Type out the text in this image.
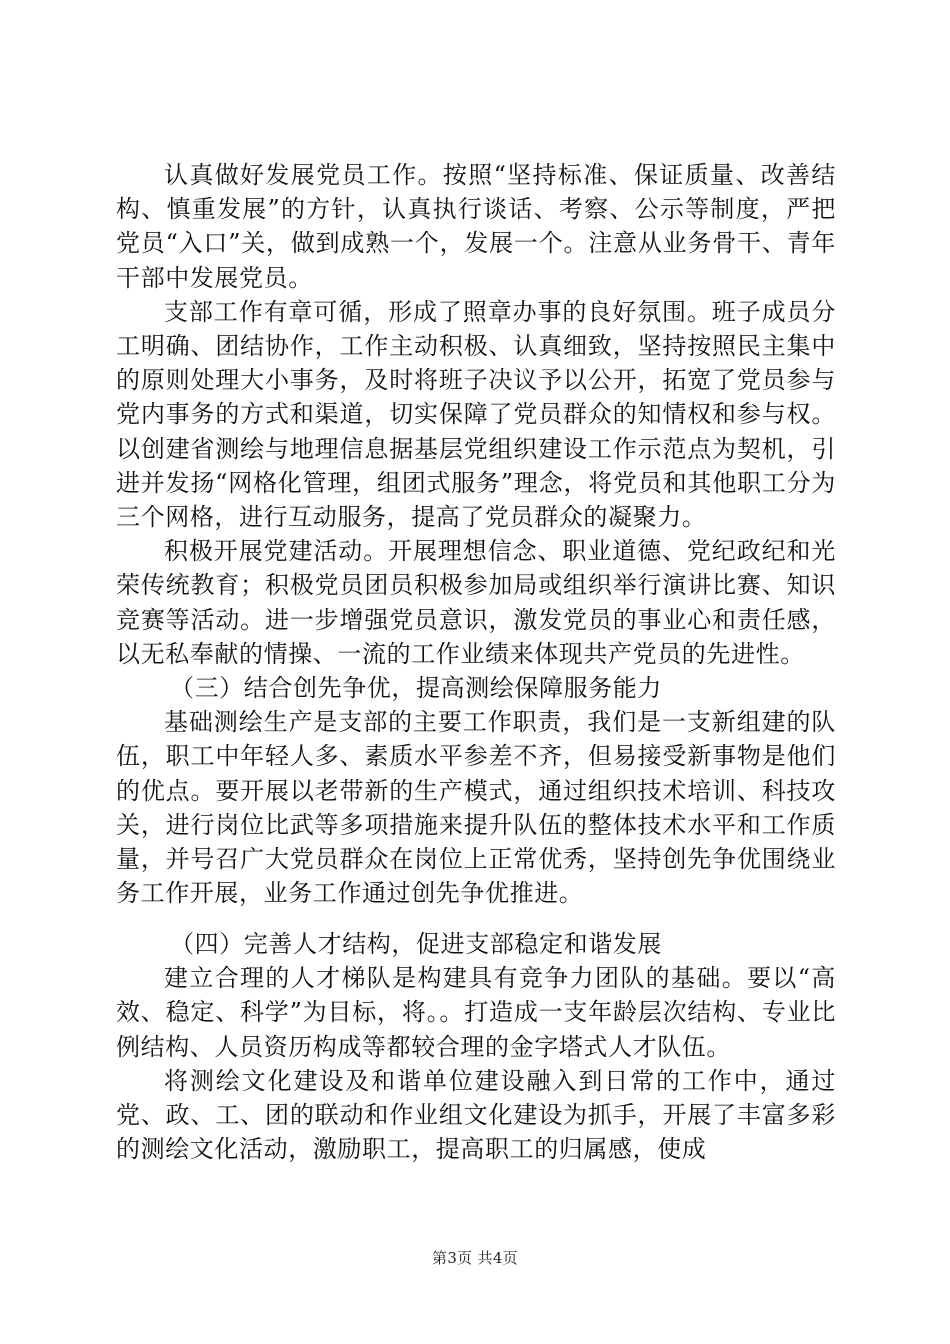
认真做好发展党员工作。按照“坚持标准、保证质量、改善结构、慎重发展”的方针，认真执行谈话、考察、公示等制度，严把党员“入口”关，做到成熟一个，发展一个。注意从业务骨干、青年干部中发展党员。

支部工作有章可循，形成了照章办事的良好氛围。班子成员分工明确、团结协作，工作主动积极、认真细致，坚持按照民主集中的原则处理大小事务，及时将班子决议予以公开，拓宽了党员参与党内事务的方式和渠道，切实保障了党员群众的知情权和参与权。以创建省测绘与地理信息据基层党组织建设工作示范点为契机，引进并发扬“网格化管理，组团式服务”理念，将党员和其他职工分为三个网格，进行互动服务，提高了党员群众的凝聚力。

积极开展党建活动。开展理想信念、职业道德、党纪政纪和光荣传统教育；积极党员团员积极参加局或组织举行演讲比赛、知识竞赛等活动。进一步增强党员意识，激发党员的事业心和责任感，以无私奉献的情操、一流的工作业绩来体现共产党员的先进性。

（三）结合创先争优，提高测绘保障服务能力

基础测绘生产是支部的主要工作职责，我们是一支新组建的队伍，职工中年轻人多、素质水平参差不齐，但易接受新事物是他们的优点。要开展以老带新的生产模式，通过组织技术培训、科技攻关，进行岗位比武等多项措施来提升队伍的整体技术水平和工作质量，并号召广大党员群众在岗位上正常优秀，坚持创先争优围绕业务工作开展，业务工作通过创先争优推进。

（四）完善人才结构，促进支部稳定和谐发展

建立合理的人才梯队是构建具有竞争力团队的基础。要以“高效、稳定、科学”为目标，将。。打造成一支年龄层次结构、专业比例结构、人员资历构成等都较合理的金字塔式人才队伍。

将测绘文化建设及和谐单位建设融入到日常的工作中，通过党、政、工、团的联动和作业组文化建设为抓手，开展了丰富多彩的测绘文化活动，激励职工，提高职工的归属感，使成

第3页 共4页
